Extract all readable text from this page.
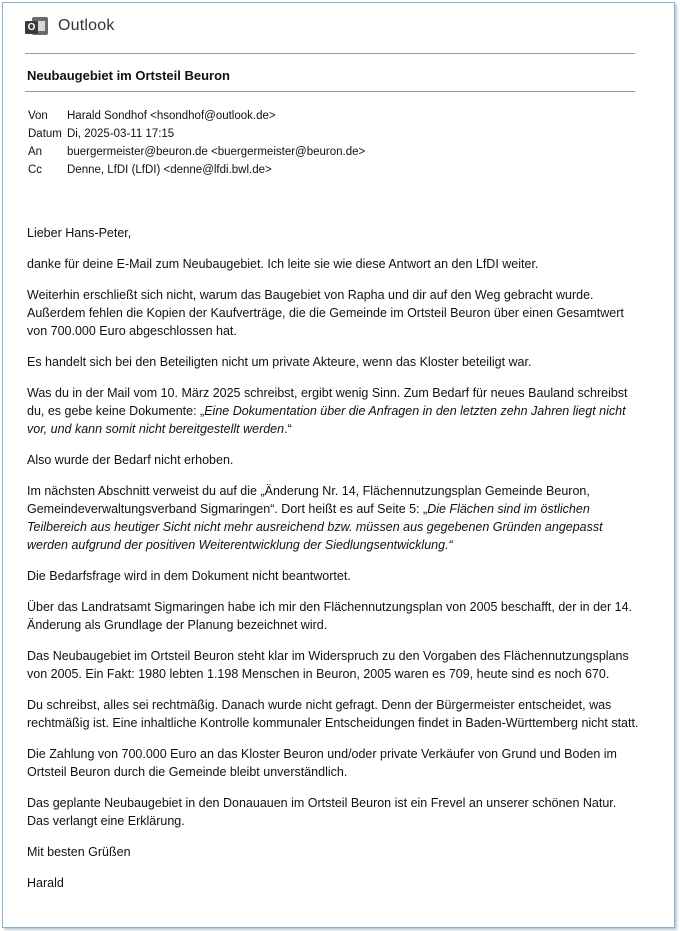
O Outlook
Neubaugebiet im Ortsteil Beuron
Von	Harald Sondhof <hsondhof@outlook.de>
Datum Di, 2025-03-11 17:15
An	buergermeister@beuron.de <buergermeister@beuron.de>
Cc	Denne, LfDI (LfDI) <denne@lfdi.bwl.de>

Lieber Hans-Peter,

danke für deine E-Mail zum Neubaugebiet. Ich leite sie wie diese Antwort an den LfDI weiter.

Weiterhin erschließt sich nicht, warum das Baugebiet von Rapha und dir auf den Weg gebracht wurde. Außerdem fehlen die Kopien der Kaufverträge, die die Gemeinde im Ortsteil Beuron über einen Gesamtwert von 700.000 Euro abgeschlossen hat.

Es handelt sich bei den Beteiligten nicht um private Akteure, wenn das Kloster beteiligt war.

Was du in der Mail vom 10. März 2025 schreibst, ergibt wenig Sinn. Zum Bedarf für neues Bauland schreibst du, es gebe keine Dokumente: „Eine Dokumentation über die Anfragen in den letzten zehn Jahren liegt nicht vor, und kann somit nicht bereitgestellt werden.“

Also wurde der Bedarf nicht erhoben.

Im nächsten Abschnitt verweist du auf die „Änderung Nr. 14, Flächennutzungsplan Gemeinde Beuron, Gemeindeverwaltungsverband Sigmaringen“. Dort heißt es auf Seite 5: „Die Flächen sind im östlichen Teilbereich aus heutiger Sicht nicht mehr ausreichend bzw. müssen aus gegebenen Gründen angepasst werden aufgrund der positiven Weiterentwicklung der Siedlungsentwicklung.“

Die Bedarfsfrage wird in dem Dokument nicht beantwortet.

Über das Landratsamt Sigmaringen habe ich mir den Flächennutzungsplan von 2005 beschafft, der in der 14. Änderung als Grundlage der Planung bezeichnet wird.

Das Neubaugebiet im Ortsteil Beuron steht klar im Widerspruch zu den Vorgaben des Flächennutzungsplans von 2005. Ein Fakt: 1980 lebten 1.198 Menschen in Beuron, 2005 waren es 709, heute sind es noch 670.

Du schreibst, alles sei rechtmäßig. Danach wurde nicht gefragt. Denn der Bürgermeister entscheidet, was rechtmäßig ist. Eine inhaltliche Kontrolle kommunaler Entscheidungen findet in Baden-Württemberg nicht statt.

Die Zahlung von 700.000 Euro an das Kloster Beuron und/oder private Verkäufer von Grund und Boden im Ortsteil Beuron durch die Gemeinde bleibt unverständlich.

Das geplante Neubaugebiet in den Donauauen im Ortsteil Beuron ist ein Frevel an unserer schönen Natur. Das verlangt eine Erklärung.

Mit besten Grüßen

Harald
